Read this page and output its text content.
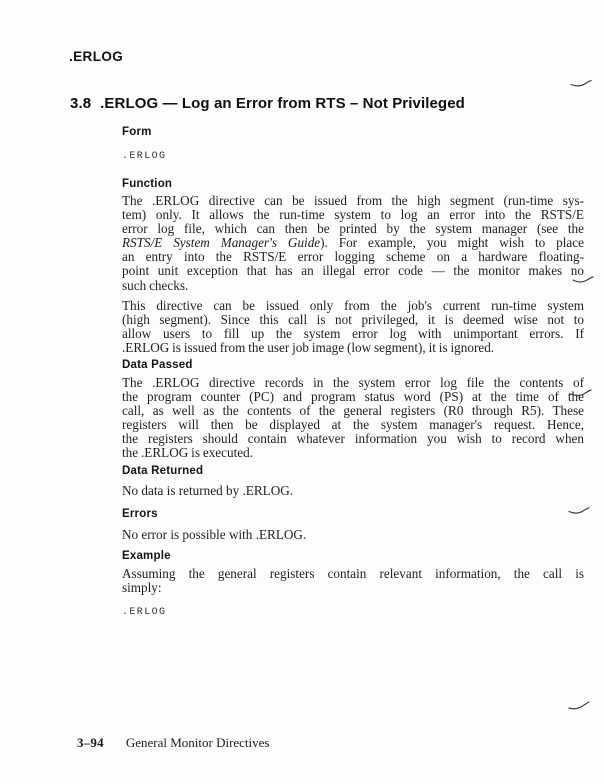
.ERLOG
3.8 .ERLOG — Log an Error from RTS – Not Privileged
Form
.ERLOG
Function
The .ERLOG directive can be issued from the high segment (run-time sys-
tem) only. It allows the run-time system to log an error into the RSTS/E
error log file, which can then be printed by the system manager (see the
RSTS/E System Manager's Guide). For example, you might wish to place
an entry into the RSTS/E error logging scheme on a hardware floating-
point unit exception that has an illegal error code — the monitor makes no
such checks.
This directive can be issued only from the job's current run-time system
(high segment). Since this call is not privileged, it is deemed wise not to
allow users to fill up the system error log with unimportant errors. If
.ERLOG is issued from the user job image (low segment), it is ignored.
Data Passed
The .ERLOG directive records in the system error log file the contents of
the program counter (PC) and program status word (PS) at the time of the
call, as well as the contents of the general registers (R0 through R5). These
registers will then be displayed at the system manager's request. Hence,
the registers should contain whatever information you wish to record when
the .ERLOG is executed.
Data Returned
No data is returned by .ERLOG.
Errors
No error is possible with .ERLOG.
Example
Assuming the general registers contain relevant information, the call is
simply:
.ERLOG
3–94 General Monitor Directives
